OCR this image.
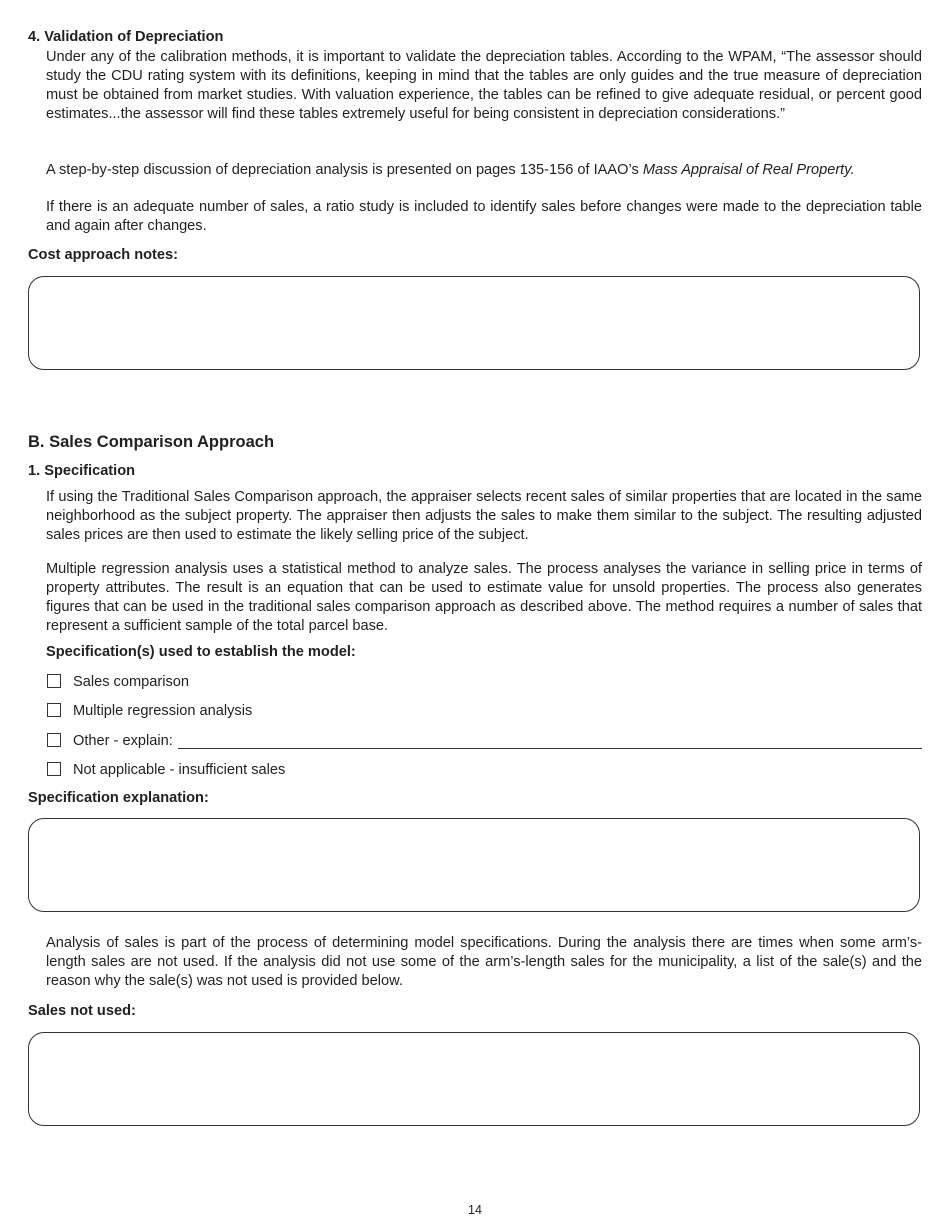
4. Validation of Depreciation
Under any of the calibration methods, it is important to validate the depreciation tables. According to the WPAM, “The assessor should study the CDU rating system with its definitions, keeping in mind that the tables are only guides and the true measure of depreciation must be obtained from market studies. With valuation experience, the tables can be refined to give adequate residual, or percent good estimates...the assessor will find these tables extremely useful for being consistent in depreciation considerations.”
A step-by-step discussion of depreciation analysis is presented on pages 135-156 of IAAO’s Mass Appraisal of Real Property.
If there is an adequate number of sales, a ratio study is included to identify sales before changes were made to the depreciation table and again after changes.
Cost approach notes:
B. Sales Comparison Approach
1. Specification
If using the Traditional Sales Comparison approach, the appraiser selects recent sales of similar properties that are located in the same neighborhood as the subject property. The appraiser then adjusts the sales to make them similar to the subject. The resulting adjusted sales prices are then used to estimate the likely selling price of the subject.
Multiple regression analysis uses a statistical method to analyze sales. The process analyses the variance in selling price in terms of property attributes. The result is an equation that can be used to estimate value for unsold properties. The process also generates figures that can be used in the traditional sales comparison approach as described above. The method requires a number of sales that represent a sufficient sample of the total parcel base.
Specification(s) used to establish the model:
Sales comparison
Multiple regression analysis
Other - explain:
Not applicable - insufficient sales
Specification explanation:
Analysis of sales is part of the process of determining model specifications. During the analysis there are times when some arm’s-length sales are not used. If the analysis did not use some of the arm’s-length sales for the municipality, a list of the sale(s) and the reason why the sale(s) was not used is provided below.
Sales not used:
14
